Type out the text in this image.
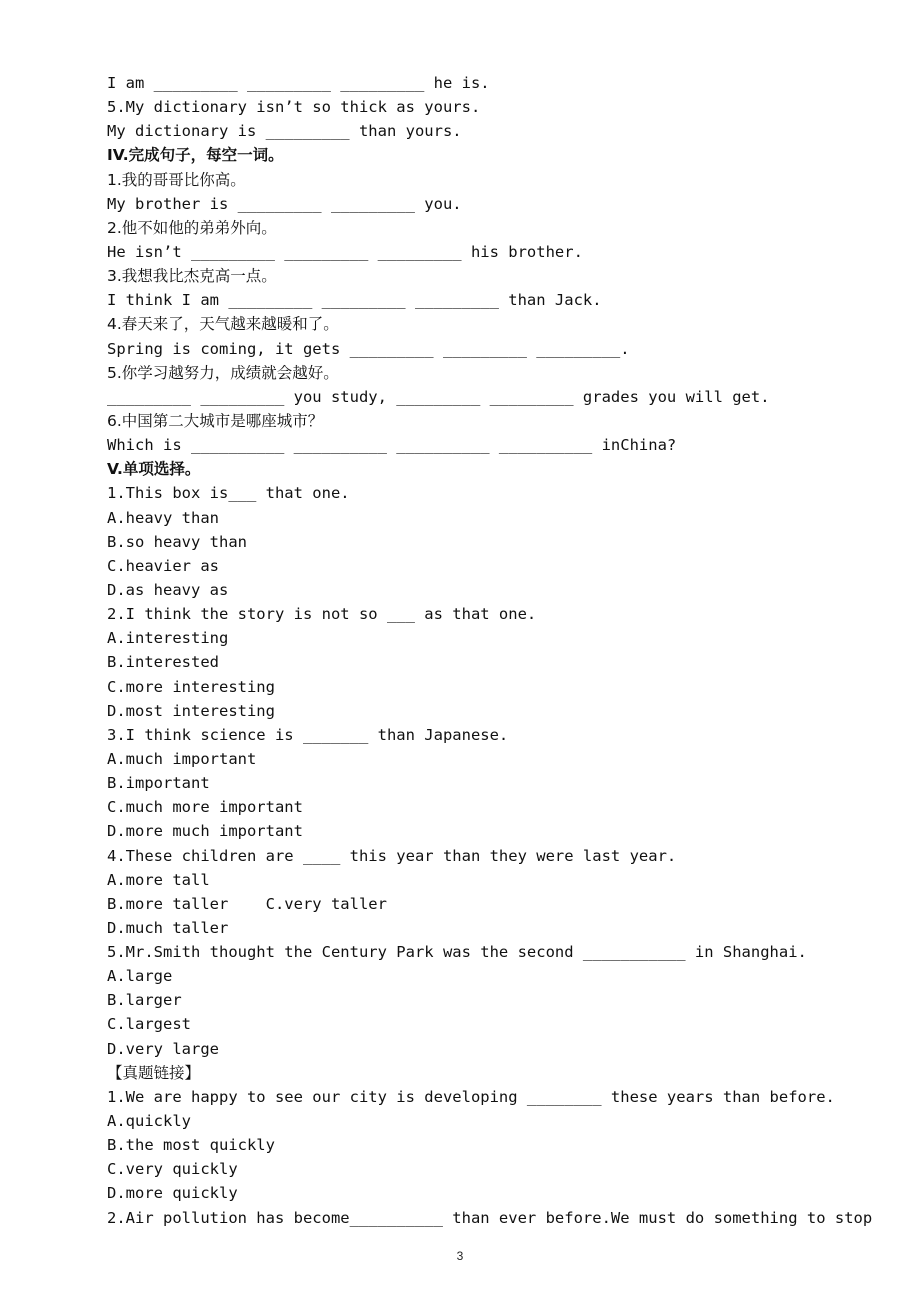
I am _________ _________ _________ he is.
5.My dictionary isn’t so thick as yours.
My dictionary is _________ than yours.
IV.完成句子，每空一词。
1.我的哥哥比你高。
My brother is _________ _________ you.
2.他不如他的弟弟外向。
He isn’t _________ _________ _________ his brother.
3.我想我比杰克高一点。
I think I am _________ _________ _________ than Jack.
4.春天来了，天气越来越暖和了。
Spring is coming, it gets _________ _________ _________.
5.你学习越努力，成绩就会越好。
_________ _________ you study, _________ _________ grades you will get.
6.中国第二大城市是哪座城市？
Which is __________ __________ __________ __________ inChina?
V.单项选择。
1.This box is___ that one.
A.heavy than
B.so heavy than
C.heavier as
D.as heavy as
2.I think the story is not so ___ as that one.
A.interesting
B.interested
C.more interesting
D.most interesting
3.I think science is _______ than Japanese.
A.much important
B.important
C.much more important
D.more much important
4.These children are ____ this year than they were last year.
A.more tall
B.more taller    C.very taller
D.much taller
5.Mr.Smith thought the Century Park was the second ___________ in Shanghai.
A.large
B.larger
C.largest
D.very large
【真题链接】
1.We are happy to see our city is developing ________ these years than before.
A.quickly
B.the most quickly
C.very quickly
D.more quickly
2.Air pollution has become__________ than ever before.We must do something to stop
3
